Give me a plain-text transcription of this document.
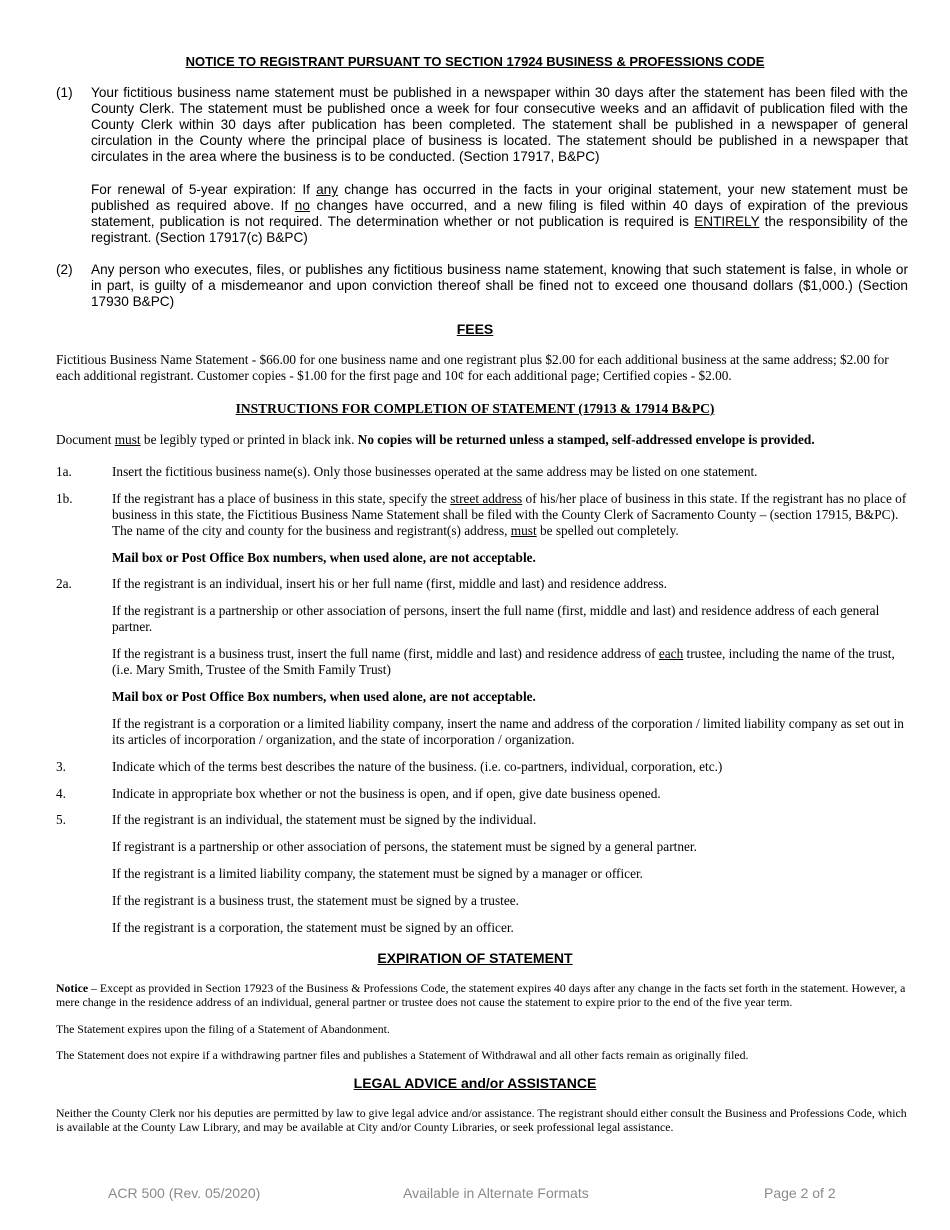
NOTICE TO REGISTRANT PURSUANT TO SECTION 17924 BUSINESS & PROFESSIONS CODE
(1) Your fictitious business name statement must be published in a newspaper within 30 days after the statement has been filed with the County Clerk. The statement must be published once a week for four consecutive weeks and an affidavit of publication filed with the County Clerk within 30 days after publication has been completed. The statement shall be published in a newspaper of general circulation in the County where the principal place of business is located. The statement should be published in a newspaper that circulates in the area where the business is to be conducted. (Section 17917, B&PC)
For renewal of 5-year expiration: If any change has occurred in the facts in your original statement, your new statement must be published as required above. If no changes have occurred, and a new filing is filed within 40 days of expiration of the previous statement, publication is not required. The determination whether or not publication is required is ENTIRELY the responsibility of the registrant. (Section 17917(c) B&PC)
(2) Any person who executes, files, or publishes any fictitious business name statement, knowing that such statement is false, in whole or in part, is guilty of a misdemeanor and upon conviction thereof shall be fined not to exceed one thousand dollars ($1,000.) (Section 17930 B&PC)
FEES
Fictitious Business Name Statement - $66.00 for one business name and one registrant plus $2.00 for each additional business at the same address; $2.00 for each additional registrant. Customer copies - $1.00 for the first page and 10¢ for each additional page; Certified copies - $2.00.
INSTRUCTIONS FOR COMPLETION OF STATEMENT (17913 & 17914 B&PC)
Document must be legibly typed or printed in black ink. No copies will be returned unless a stamped, self-addressed envelope is provided.
1a.	Insert the fictitious business name(s). Only those businesses operated at the same address may be listed on one statement.
1b.	If the registrant has a place of business in this state, specify the street address of his/her place of business in this state. If the registrant has no place of business in this state, the Fictitious Business Name Statement shall be filed with the County Clerk of Sacramento County – (section 17915, B&PC). The name of the city and county for the business and registrant(s) address, must be spelled out completely.
Mail box or Post Office Box numbers, when used alone, are not acceptable.
2a.	If the registrant is an individual, insert his or her full name (first, middle and last) and residence address.
If the registrant is a partnership or other association of persons, insert the full name (first, middle and last) and residence address of each general partner.
If the registrant is a business trust, insert the full name (first, middle and last) and residence address of each trustee, including the name of the trust, (i.e. Mary Smith, Trustee of the Smith Family Trust)
Mail box or Post Office Box numbers, when used alone, are not acceptable.
If the registrant is a corporation or a limited liability company, insert the name and address of the corporation / limited liability company as set out in its articles of incorporation / organization, and the state of incorporation / organization.
3.	Indicate which of the terms best describes the nature of the business. (i.e. co-partners, individual, corporation, etc.)
4.	Indicate in appropriate box whether or not the business is open, and if open, give date business opened.
5.	If the registrant is an individual, the statement must be signed by the individual.
If registrant is a partnership or other association of persons, the statement must be signed by a general partner.
If the registrant is a limited liability company, the statement must be signed by a manager or officer.
If the registrant is a business trust, the statement must be signed by a trustee.
If the registrant is a corporation, the statement must be signed by an officer.
EXPIRATION OF STATEMENT
Notice – Except as provided in Section 17923 of the Business & Professions Code, the statement expires 40 days after any change in the facts set forth in the statement. However, a mere change in the residence address of an individual, general partner or trustee does not cause the statement to expire prior to the end of the five year term.
The Statement expires upon the filing of a Statement of Abandonment.
The Statement does not expire if a withdrawing partner files and publishes a Statement of Withdrawal and all other facts remain as originally filed.
LEGAL ADVICE and/or ASSISTANCE
Neither the County Clerk nor his deputies are permitted by law to give legal advice and/or assistance. The registrant should either consult the Business and Professions Code, which is available at the County Law Library, and may be available at City and/or County Libraries, or seek professional legal assistance.
ACR 500 (Rev. 05/2020)	Available in Alternate Formats	Page 2 of 2
